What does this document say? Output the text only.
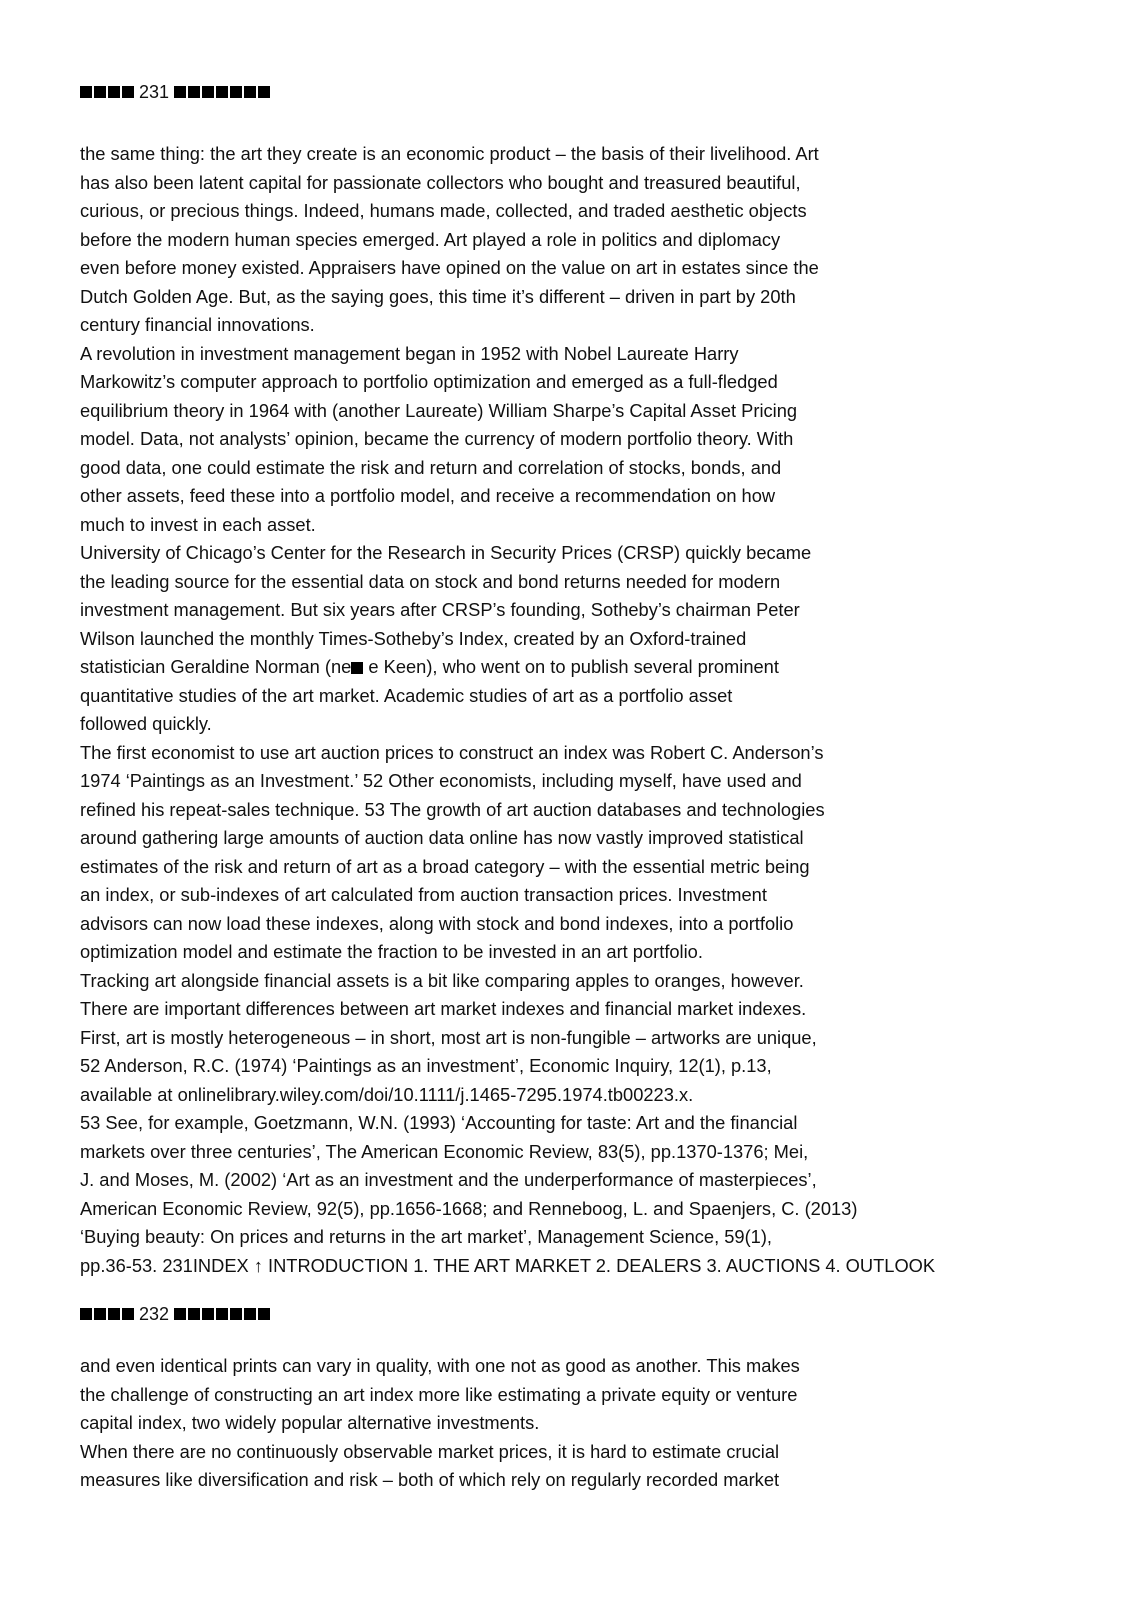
231
the same thing: the art they create is an economic product – the basis of their livelihood. Art
has also been latent capital for passionate collectors who bought and treasured beautiful,
curious, or precious things. Indeed, humans made, collected, and traded aesthetic objects
before the modern human species emerged. Art played a role in politics and diplomacy
even before money existed. Appraisers have opined on the value on art in estates since the
Dutch Golden Age. But, as the saying goes, this time it’s different – driven in part by 20th
century financial innovations.
A revolution in investment management began in 1952 with Nobel Laureate Harry
Markowitz’s computer approach to portfolio optimization and emerged as a full-fledged
equilibrium theory in 1964 with (another Laureate) William Sharpe’s Capital Asset Pricing
model. Data, not analysts’ opinion, became the currency of modern portfolio theory. With
good data, one could estimate the risk and return and correlation of stocks, bonds, and
other assets, feed these into a portfolio model, and receive a recommendation on how
much to invest in each asset.
University of Chicago’s Center for the Research in Security Prices (CRSP) quickly became
the leading source for the essential data on stock and bond returns needed for modern
investment management. But six years after CRSP’s founding, Sotheby’s chairman Peter
Wilson launched the monthly Times-Sotheby’s Index, created by an Oxford-trained
statistician Geraldine Norman (ne e Keen), who went on to publish several prominent
quantitative studies of the art market. Academic studies of art as a portfolio asset
followed quickly.
The first economist to use art auction prices to construct an index was Robert C. Anderson’s
1974 ‘Paintings as an Investment.’ 52 Other economists, including myself, have used and
refined his repeat-sales technique. 53 The growth of art auction databases and technologies
around gathering large amounts of auction data online has now vastly improved statistical
estimates of the risk and return of art as a broad category – with the essential metric being
an index, or sub-indexes of art calculated from auction transaction prices. Investment
advisors can now load these indexes, along with stock and bond indexes, into a portfolio
optimization model and estimate the fraction to be invested in an art portfolio.
Tracking art alongside financial assets is a bit like comparing apples to oranges, however.
There are important differences between art market indexes and financial market indexes.
First, art is mostly heterogeneous – in short, most art is non-fungible – artworks are unique,
52 Anderson, R.C. (1974) ‘Paintings as an investment’, Economic Inquiry, 12(1), p.13,
available at onlinelibrary.wiley.com/doi/10.1111/j.1465-7295.1974.tb00223.x.
53 See, for example, Goetzmann, W.N. (1993) ‘Accounting for taste: Art and the financial
markets over three centuries’, The American Economic Review, 83(5), pp.1370-1376; Mei,
J. and Moses, M. (2002) ‘Art as an investment and the underperformance of masterpieces’,
American Economic Review, 92(5), pp.1656-1668; and Renneboog, L. and Spaenjers, C. (2013)
‘Buying beauty: On prices and returns in the art market’, Management Science, 59(1),
pp.36-53. 231INDEX ↑ INTRODUCTION 1. THE ART MARKET 2. DEALERS 3. AUCTIONS 4. OUTLOOK
232
and even identical prints can vary in quality, with one not as good as another. This makes
the challenge of constructing an art index more like estimating a private equity or venture
capital index, two widely popular alternative investments.
When there are no continuously observable market prices, it is hard to estimate crucial
measures like diversification and risk – both of which rely on regularly recorded market
